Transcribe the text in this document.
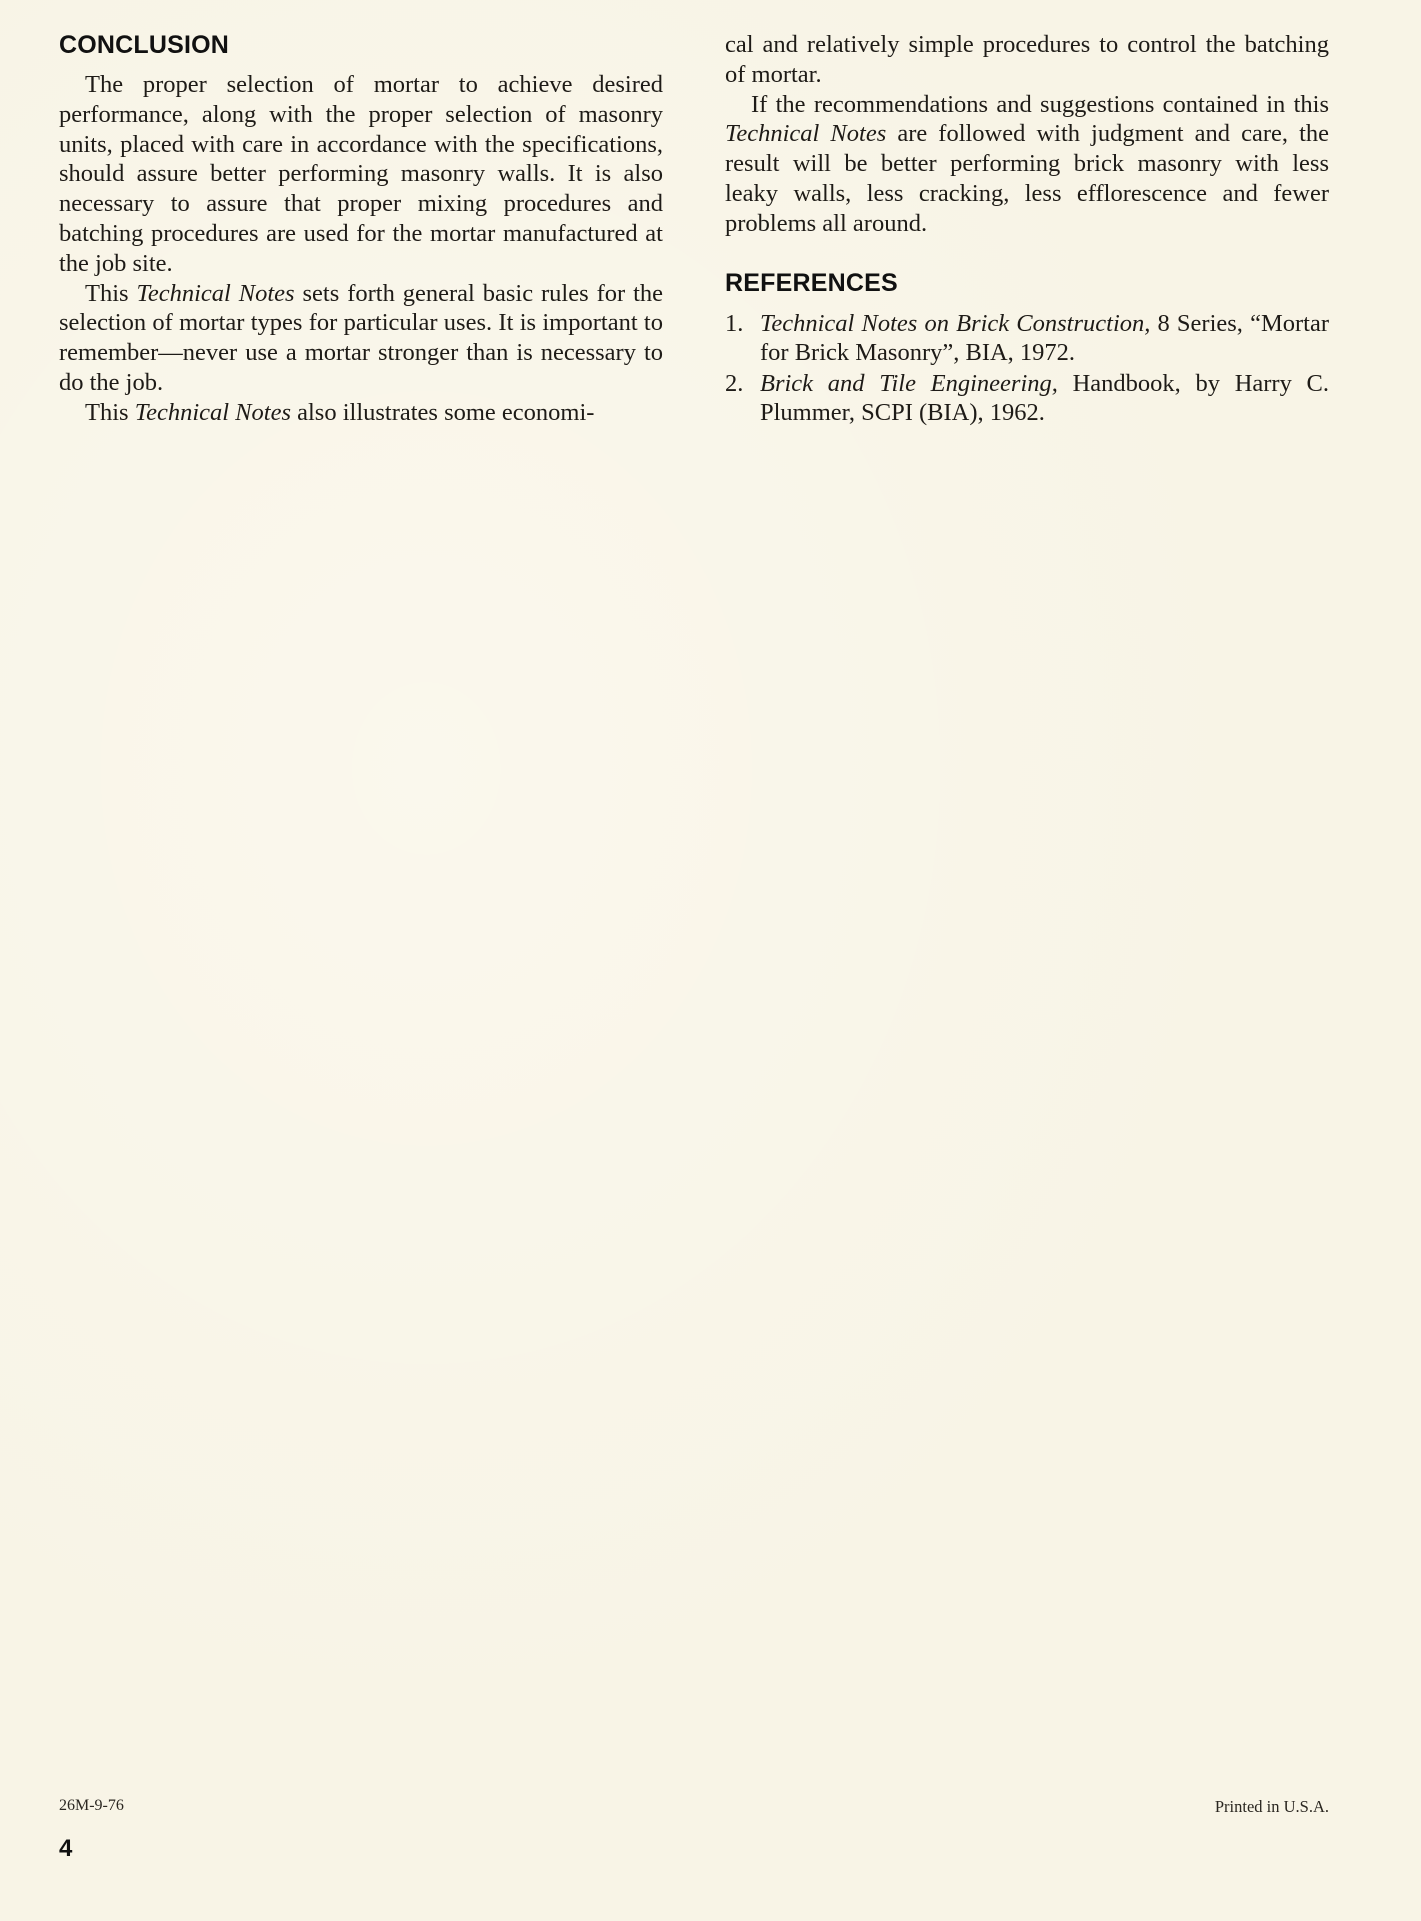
CONCLUSION

The proper selection of mortar to achieve desired performance, along with the proper selection of masonry units, placed with care in accordance with the specifications, should assure better performing masonry walls. It is also necessary to assure that proper mixing procedures and batching procedures are used for the mortar manufactured at the job site.

This Technical Notes sets forth general basic rules for the selection of mortar types for particular uses. It is important to remember—never use a mortar stronger than is necessary to do the job.

This Technical Notes also illustrates some economi-

cal and relatively simple procedures to control the batching of mortar.

If the recommendations and suggestions contained in this Technical Notes are followed with judgment and care, the result will be better performing brick masonry with less leaky walls, less cracking, less efflorescence and fewer problems all around.

REFERENCES
1. Technical Notes on Brick Construction, 8 Series, “Mortar for Brick Masonry”, BIA, 1972.
2. Brick and Tile Engineering, Handbook, by Harry C. Plummer, SCPI (BIA), 1962.
26M-9-76	Printed in U.S.A.
4
